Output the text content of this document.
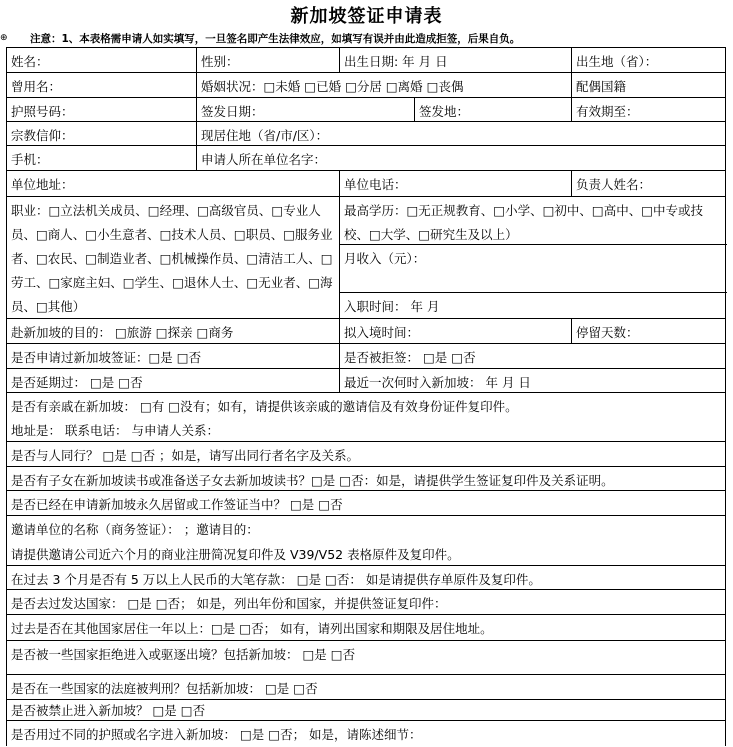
新加坡签证申请表
⊕ 注意：1、本表格需申请人如实填写，一旦签名即产生法律效应，如填写有误并由此造成拒签，后果自负。
姓名：	性别：	出生日期: 年 月 日	出生地（省）：
曾用名：	婚姻状况：□未婚 □已婚 □分居 □离婚 □丧偶	配偶国籍
护照号码：	签发日期：	签发地：	有效期至：
宗教信仰：	现居住地（省/市/区）：
手机：	申请人所在单位名字：
单位地址：	单位电话：	负责人姓名：
职业：□立法机关成员、□经理、□高级官员、□专业人员、□商人、□小生意者、□技术人员、□职员、□服务业者、□农民、□制造业者、□机械操作员、□清洁工人、□劳工、□家庭主妇、□学生、□退休人士、□无业者、□海员、□其他）
最高学历：□无正规教育、□小学、□初中、□高中、□中专或技校、□大学、□研究生及以上）
月收入（元）：
入职时间： 年 月
赴新加坡的目的： □旅游 □探亲 □商务	拟入境时间：	停留天数：
是否申请过新加坡签证：□是 □否	是否被拒签： □是 □否
是否延期过： □是 □否	最近一次何时入新加坡： 年 月 日
是否有亲戚在新加坡： □有 □没有；如有，请提供该亲戚的邀请信及有效身份证件复印件。
地址是： 联系电话： 与申请人关系：
是否与人同行？ □是 □否 ；如是，请写出同行者名字及关系。
是否有子女在新加坡读书或准备送子女去新加坡读书？□是 □否：如是，请提供学生签证复印件及关系证明。
是否已经在申请新加坡永久居留或工作签证当中？ □是 □否
邀请单位的名称（商务签证）： ；邀请目的：
请提供邀请公司近六个月的商业注册简况复印件及 V39/V52 表格原件及复印件。
在过去 3 个月是否有 5 万以上人民币的大笔存款： □是 □否： 如是请提供存单原件及复印件。
是否去过发达国家： □是 □否； 如是，列出年份和国家，并提供签证复印件：
过去是否在其他国家居住一年以上：□是 □否； 如有，请列出国家和期限及居住地址。
是否被一些国家拒绝进入或驱逐出境？包括新加坡： □是 □否
是否在一些国家的法庭被判刑？包括新加坡： □是 □否
是否被禁止进入新加坡？ □是 □否
是否用过不同的护照或名字进入新加坡： □是 □否； 如是，请陈述细节：
